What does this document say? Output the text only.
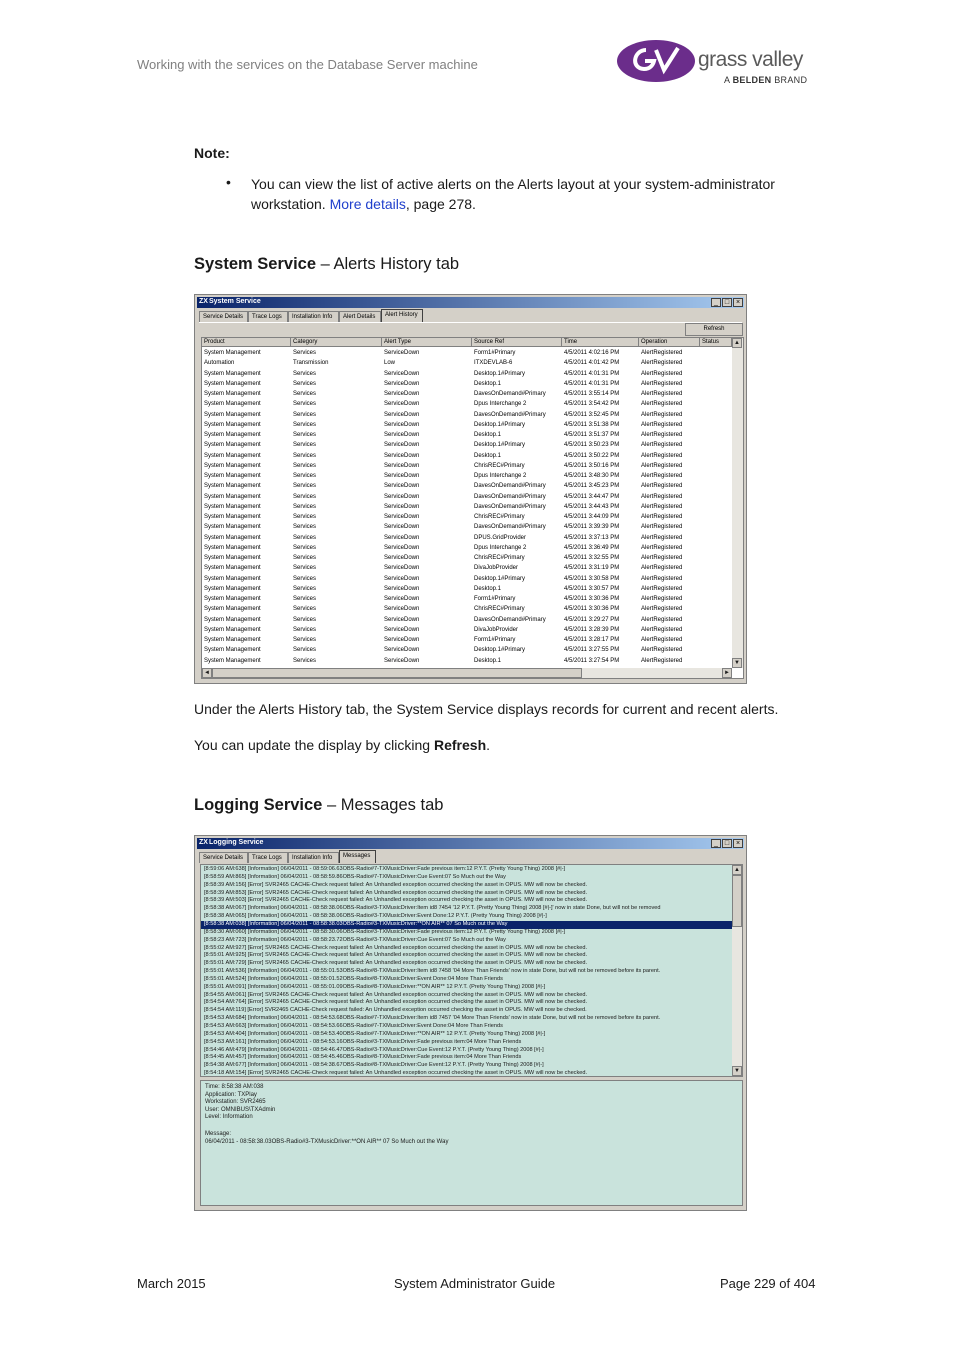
Working with the services on the Database Server machine	grass valley
A BELDEN BRAND
Note:
• You can view the list of active alerts on the Alerts layout at your system-administrator workstation. More details, page 278.
System Service – Alerts History tab
ZX System Service	_ □ ×
Service Details	Trace Logs	Installation Info	Alert Details	Alert History
Refresh
Product	Category	Alert Type	Source Ref	Time	Operation	Status
System Management	Services	ServiceDown	Form1#Primary	4/5/2011 4:02:16 PM	AlertRegistered
Automation	Transmission	Low	ITXDEVLAB-6	4/5/2011 4:01:42 PM	AlertRegistered
System Management	Services	ServiceDown	Desktop.1#Primary	4/5/2011 4:01:31 PM	AlertRegistered
System Management	Services	ServiceDown	Desktop.1	4/5/2011 4:01:31 PM	AlertRegistered
System Management	Services	ServiceDown	DavesOnDemand#Primary	4/5/2011 3:55:14 PM	AlertRegistered
System Management	Services	ServiceDown	Dpus Interchange 2	4/5/2011 3:54:42 PM	AlertRegistered
System Management	Services	ServiceDown	DavesOnDemand#Primary	4/5/2011 3:52:45 PM	AlertRegistered
System Management	Services	ServiceDown	Desktop.1#Primary	4/5/2011 3:51:38 PM	AlertRegistered
System Management	Services	ServiceDown	Desktop.1	4/5/2011 3:51:37 PM	AlertRegistered
System Management	Services	ServiceDown	Desktop.1#Primary	4/5/2011 3:50:23 PM	AlertRegistered
System Management	Services	ServiceDown	Desktop.1	4/5/2011 3:50:22 PM	AlertRegistered
System Management	Services	ServiceDown	ChrisREC#Primary	4/5/2011 3:50:16 PM	AlertRegistered
System Management	Services	ServiceDown	Dpus Interchange 2	4/5/2011 3:48:30 PM	AlertRegistered
System Management	Services	ServiceDown	DavesOnDemand#Primary	4/5/2011 3:45:23 PM	AlertRegistered
System Management	Services	ServiceDown	DavesOnDemand#Primary	4/5/2011 3:44:47 PM	AlertRegistered
System Management	Services	ServiceDown	DavesOnDemand#Primary	4/5/2011 3:44:43 PM	AlertRegistered
System Management	Services	ServiceDown	ChrisREC#Primary	4/5/2011 3:44:09 PM	AlertRegistered
System Management	Services	ServiceDown	DavesOnDemand#Primary	4/5/2011 3:39:39 PM	AlertRegistered
System Management	Services	ServiceDown	DPUS.GridProvider	4/5/2011 3:37:13 PM	AlertRegistered
System Management	Services	ServiceDown	Dpus Interchange 2	4/5/2011 3:36:49 PM	AlertRegistered
System Management	Services	ServiceDown	ChrisREC#Primary	4/5/2011 3:32:55 PM	AlertRegistered
System Management	Services	ServiceDown	DivaJobProvider	4/5/2011 3:31:19 PM	AlertRegistered
System Management	Services	ServiceDown	Desktop.1#Primary	4/5/2011 3:30:58 PM	AlertRegistered
System Management	Services	ServiceDown	Desktop.1	4/5/2011 3:30:57 PM	AlertRegistered
System Management	Services	ServiceDown	Form1#Primary	4/5/2011 3:30:36 PM	AlertRegistered
System Management	Services	ServiceDown	ChrisREC#Primary	4/5/2011 3:30:36 PM	AlertRegistered
System Management	Services	ServiceDown	DavesOnDemand#Primary	4/5/2011 3:29:27 PM	AlertRegistered
System Management	Services	ServiceDown	DivaJobProvider	4/5/2011 3:28:39 PM	AlertRegistered
System Management	Services	ServiceDown	Form1#Primary	4/5/2011 3:28:17 PM	AlertRegistered
System Management	Services	ServiceDown	Desktop.1#Primary	4/5/2011 3:27:55 PM	AlertRegistered
System Management	Services	ServiceDown	Desktop.1	4/5/2011 3:27:54 PM	AlertRegistered
▲
▼
◄	►
Under the Alerts History tab, the System Service displays records for current and recent alerts.
You can update the display by clicking Refresh.
Logging Service – Messages tab
ZX Logging Service	_ □ ×
Service Details	Trace Logs	Installation Info	Messages
[8:59:06 AM:638] [Information] 06/04/2011 - 08:59:06.63OBS-Radio#7-TXMusicDriver:Fade previous item:12 P.Y.T. (Pretty Young Thing) 2008 [#|-]
[8:58:59 AM:865] [Information] 06/04/2011 - 08:58:59.86OBS-Radio#7-TXMusicDriver:Cue Event:07 So Much out the Way
[8:58:39 AM:156] [Error] SVR2465 CACHE-Check request failed: An Unhandled exception occurred checking the asset in OPUS. MW will now be checked.
[8:58:39 AM:853] [Error] SVR2465 CACHE-Check request failed: An Unhandled exception occurred checking the asset in OPUS. MW will now be checked.
[8:58:39 AM:503] [Error] SVR2465 CACHE-Check request failed: An Unhandled exception occurred checking the asset in OPUS. MW will now be checked.
[8:58:38 AM:067] [Information] 06/04/2011 - 08:58:38.06OBS-Radio#3-TXMusicDriver:Item id8 7454 '12 P.Y.T. (Pretty Young Thing) 2008 [#|-]' now in state Done, but will not be removed
[8:58:38 AM:065] [Information] 06/04/2011 - 08:58:38.06OBS-Radio#3-TXMusicDriver:Event Done:12 P.Y.T. (Pretty Young Thing) 2008 [#|-]
[8:58:38 AM:038] [Information] 06/04/2011 - 08:58:38.03OBS-Radio#3-TXMusicDriver:**ON AIR** 07 So Much out the Way
[8:58:30 AM:060] [Information] 06/04/2011 - 08:58:30.06OBS-Radio#3-TXMusicDriver:Fade previous item:12 P.Y.T. (Pretty Young Thing) 2008 [#|-]
[8:58:23 AM:723] [Information] 06/04/2011 - 08:58:23.72OBS-Radio#3-TXMusicDriver:Cue Event:07 So Much out the Way
[8:55:02 AM:927] [Error] SVR2465 CACHE-Check request failed: An Unhandled exception occurred checking the asset in OPUS. MW will now be checked.
[8:55:01 AM:925] [Error] SVR2465 CACHE-Check request failed: An Unhandled exception occurred checking the asset in OPUS. MW will now be checked.
[8:55:01 AM:729] [Error] SVR2465 CACHE-Check request failed: An Unhandled exception occurred checking the asset in OPUS. MW will now be checked.
[8:55:01 AM:536] [Information] 06/04/2011 - 08:55:01.53OBS-Radio#8-TXMusicDriver:Item id8 7458 '04 More Than Friends' now in state Done, but will not be removed before its parent.
[8:55:01 AM:524] [Information] 06/04/2011 - 08:55:01.52OBS-Radio#8-TXMusicDriver:Event Done:04 More Than Friends
[8:55:01 AM:091] [Information] 06/04/2011 - 08:55:01.09OBS-Radio#8-TXMusicDriver:**ON AIR** 12 P.Y.T. (Pretty Young Thing) 2008 [#|-]
[8:54:55 AM:061] [Error] SVR2465 CACHE-Check request failed: An Unhandled exception occurred checking the asset in OPUS. MW will now be checked.
[8:54:54 AM:764] [Error] SVR2465 CACHE-Check request failed: An Unhandled exception occurred checking the asset in OPUS. MW will now be checked.
[8:54:54 AM:119] [Error] SVR2465 CACHE-Check request failed: An Unhandled exception occurred checking the asset in OPUS. MW will now be checked.
[8:54:53 AM:684] [Information] 06/04/2011 - 08:54:53.68OBS-Radio#7-TXMusicDriver:Item id8 7457 '04 More Than Friends' now in state Done, but will not be removed before its parent.
[8:54:53 AM:663] [Information] 06/04/2011 - 08:54:53.66OBS-Radio#7-TXMusicDriver:Event Done:04 More Than Friends
[8:54:53 AM:404] [Information] 06/04/2011 - 08:54:53.40OBS-Radio#7-TXMusicDriver:**ON AIR** 12 P.Y.T. (Pretty Young Thing) 2008 [#|-]
[8:54:53 AM:161] [Information] 06/04/2011 - 08:54:53.16OBS-Radio#3-TXMusicDriver:Fade previous item:04 More Than Friends
[8:54:46 AM:479] [Information] 06/04/2011 - 08:54:46.47OBS-Radio#3-TXMusicDriver:Cue Event:12 P.Y.T. (Pretty Young Thing) 2008 [#|-]
[8:54:45 AM:457] [Information] 06/04/2011 - 08:54:45.46OBS-Radio#8-TXMusicDriver:Fade previous item:04 More Than Friends
[8:54:38 AM:677] [Information] 06/04/2011 - 08:54:38.67OBS-Radio#8-TXMusicDriver:Cue Event:12 P.Y.T. (Pretty Young Thing) 2008 [#|-]
[8:54:18 AM:154] [Error] SVR2465 CACHE-Check request failed: An Unhandled exception occurred checking the asset in OPUS. MW will now be checked.
▲
▼
Time: 8:58:38 AM:038
Application: TXPlay
Workstation: SVR2465
User: OMNIBUS\TXAdmin
Level: Information
Message:
06/04/2011 - 08:58:38.03OBS-Radio#3-TXMusicDriver:**ON AIR** 07 So Much out the Way
March 2015	System Administrator Guide	Page 229 of 404
